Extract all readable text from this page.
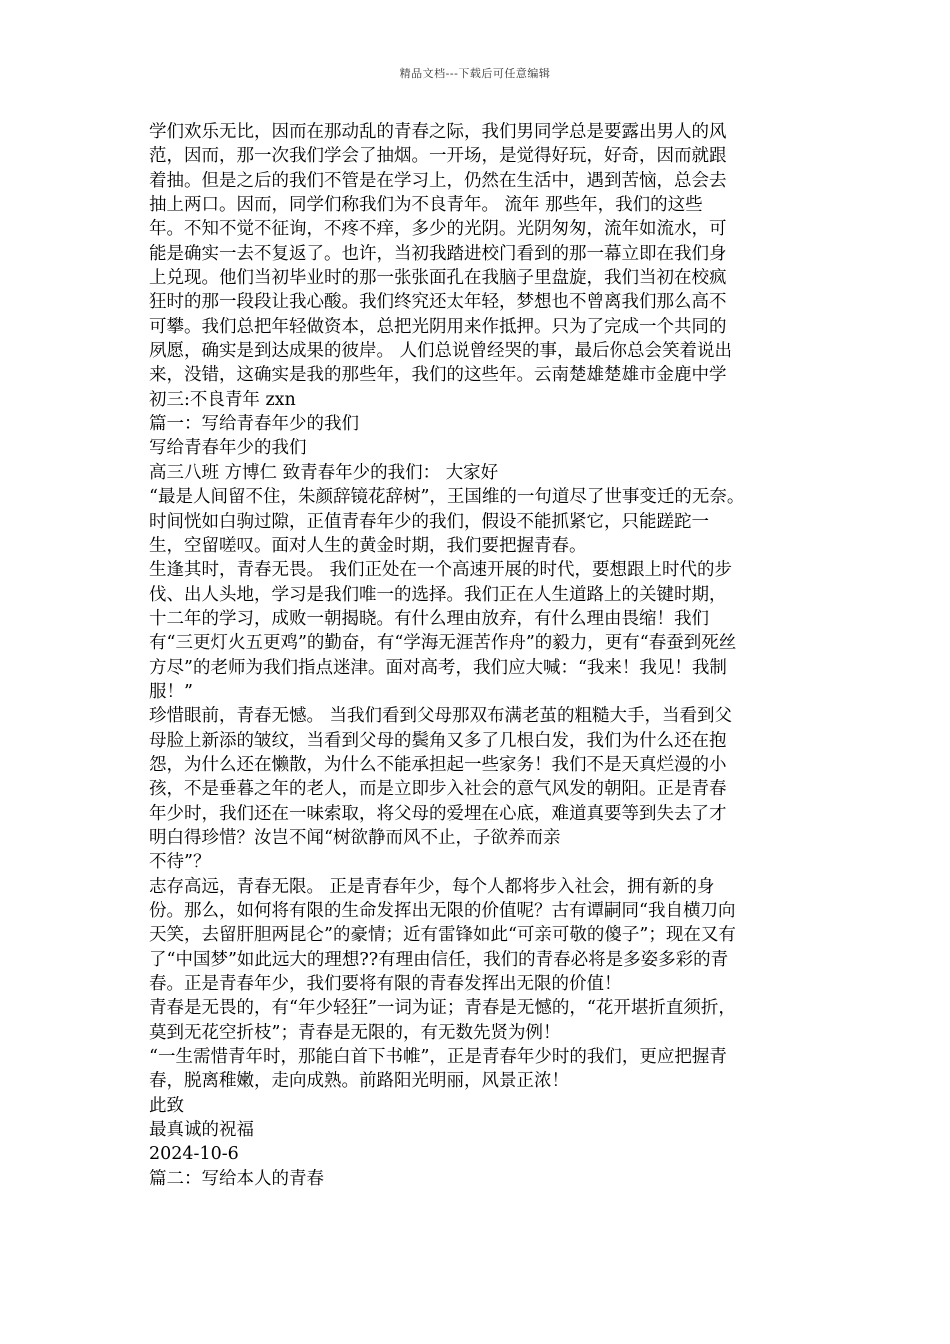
精品文档---下载后可任意编辑
学们欢乐无比，因而在那动乱的青春之际，我们男同学总是要露出男人的风
范，因而，那一次我们学会了抽烟。一开场，是觉得好玩，好奇，因而就跟
着抽。但是之后的我们不管是在学习上，仍然在生活中，遇到苦恼，总会去
抽上两口。因而，同学们称我们为不良青年。 流年 那些年，我们的这些
年。不知不觉不征询，不疼不痒，多少的光阴。光阴匆匆，流年如流水，可
能是确实一去不复返了。也许，当初我踏进校门看到的那一幕立即在我们身
上兑现。他们当初毕业时的那一张张面孔在我脑子里盘旋，我们当初在校疯
狂时的那一段段让我心酸。我们终究还太年轻，梦想也不曾离我们那么高不
可攀。我们总把年轻做资本，总把光阴用来作抵押。只为了完成一个共同的
夙愿，确实是到达成果的彼岸。 人们总说曾经哭的事，最后你总会笑着说出
来，没错，这确实是我的那些年，我们的这些年。云南楚雄楚雄市金鹿中学
初三:不良青年 zxn
篇一：写给青春年少的我们
写给青春年少的我们
高三八班 方博仁 致青春年少的我们： 大家好
“最是人间留不住，朱颜辞镜花辞树”，王国维的一句道尽了世事变迁的无奈。
时间恍如白驹过隙，正值青春年少的我们，假设不能抓紧它，只能蹉跎一
生，空留嗟叹。面对人生的黄金时期，我们要把握青春。
生逢其时，青春无畏。 我们正处在一个高速开展的时代，要想跟上时代的步
伐、出人头地，学习是我们唯一的选择。我们正在人生道路上的关键时期，
十二年的学习，成败一朝揭晓。有什么理由放弃，有什么理由畏缩！我们
有“三更灯火五更鸡”的勤奋，有“学海无涯苦作舟”的毅力，更有“春蚕到死丝
方尽”的老师为我们指点迷津。面对高考，我们应大喊：“我来！我见！我制
服！”
珍惜眼前，青春无憾。 当我们看到父母那双布满老茧的粗糙大手，当看到父
母脸上新添的皱纹，当看到父母的鬓角又多了几根白发，我们为什么还在抱
怨，为什么还在懒散，为什么不能承担起一些家务！我们不是天真烂漫的小
孩，不是垂暮之年的老人，而是立即步入社会的意气风发的朝阳。正是青春
年少时，我们还在一味索取，将父母的爱埋在心底，难道真要等到失去了才
明白得珍惜？汝岂不闻“树欲静而风不止，子欲养而亲
不待”？
志存高远，青春无限。 正是青春年少，每个人都将步入社会，拥有新的身
份。那么，如何将有限的生命发挥出无限的价值呢？古有谭嗣同“我自横刀向
天笑，去留肝胆两昆仑”的豪情；近有雷锋如此“可亲可敬的傻子”；现在又有
了“中国梦”如此远大的理想??有理由信任，我们的青春必将是多姿多彩的青
春。正是青春年少，我们要将有限的青春发挥出无限的价值！
青春是无畏的，有“年少轻狂”一词为证；青春是无憾的，“花开堪折直须折，
莫到无花空折枝”；青春是无限的，有无数先贤为例！
“一生需惜青年时，那能白首下书帷”，正是青春年少时的我们，更应把握青
春，脱离稚嫩，走向成熟。前路阳光明丽，风景正浓！
此致
最真诚的祝福
2024-10-6
篇二：写给本人的青春
